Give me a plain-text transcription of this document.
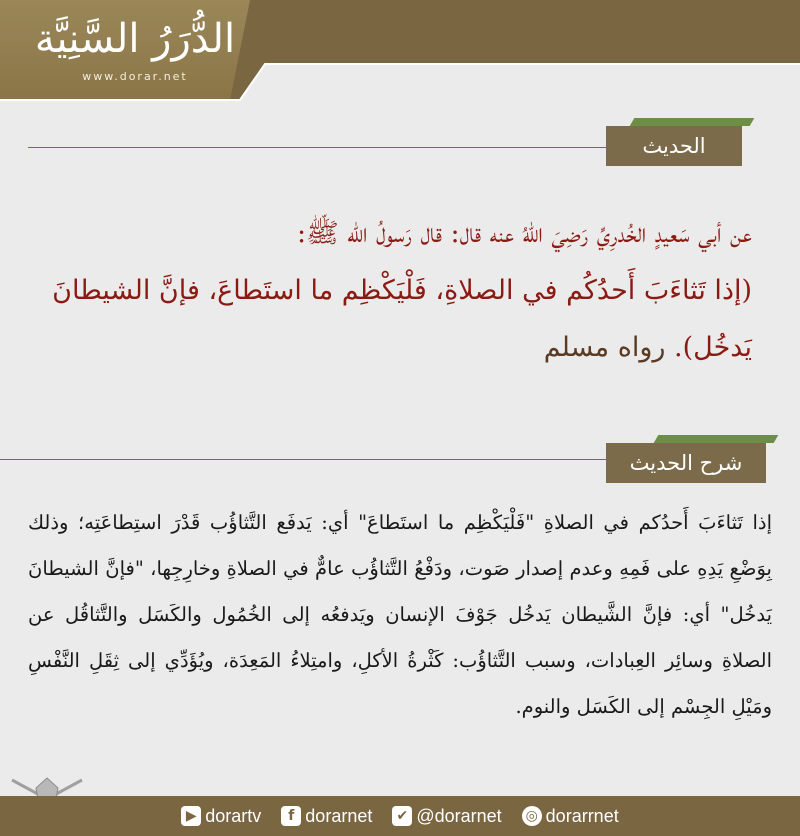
الدُّرَرُ السَّنِيَّة
www.dorar.net
الحديث
عن أبي سَعيدٍ الخُدرِيِّ رَضِيَ اللهُ عنه قال: قال رَسولُ الله ﷺ:
(إذا تَثاءَبَ أَحدُكُم في الصلاةِ، فَلْيَكْظِم ما استَطاعَ، فإنَّ الشيطانَ
يَدخُل). رواه مسلم
شرح الحديث
إذا تَثاءَبَ أَحدُكم في الصلاةِ "فَلْيَكْظِم ما استَطاعَ" أي: يَدفَع التَّثاؤُب قَدْرَ استِطاعَتِه؛ وذلك بِوَضْعِ يَدِهِ على فَمِهِ وعدم إصدار صَوت، ودَفْعُ التَّثاؤُب عامٌّ في الصلاةِ وخارِجِها، "فإنَّ الشيطانَ يَدخُل" أي: فإنَّ الشَّيطان يَدخُل جَوْفَ الإنسان ويَدفعُه إلى الخُمُول والكَسَل والتَّثاقُل عن الصلاةِ وسائِر العِبادات، وسبب التَّثاؤُب: كَثْرةُ الأكلِ، وامتِلاءُ المَعِدَة، ويُؤَدِّي إلى ثِقَلِ النَّفْسِ ومَيْلِ الجِسْم إلى الكَسَل والنوم.
▶ dorartv	f dorarnet ✔ @dorarnet ◎ dorarrnet
